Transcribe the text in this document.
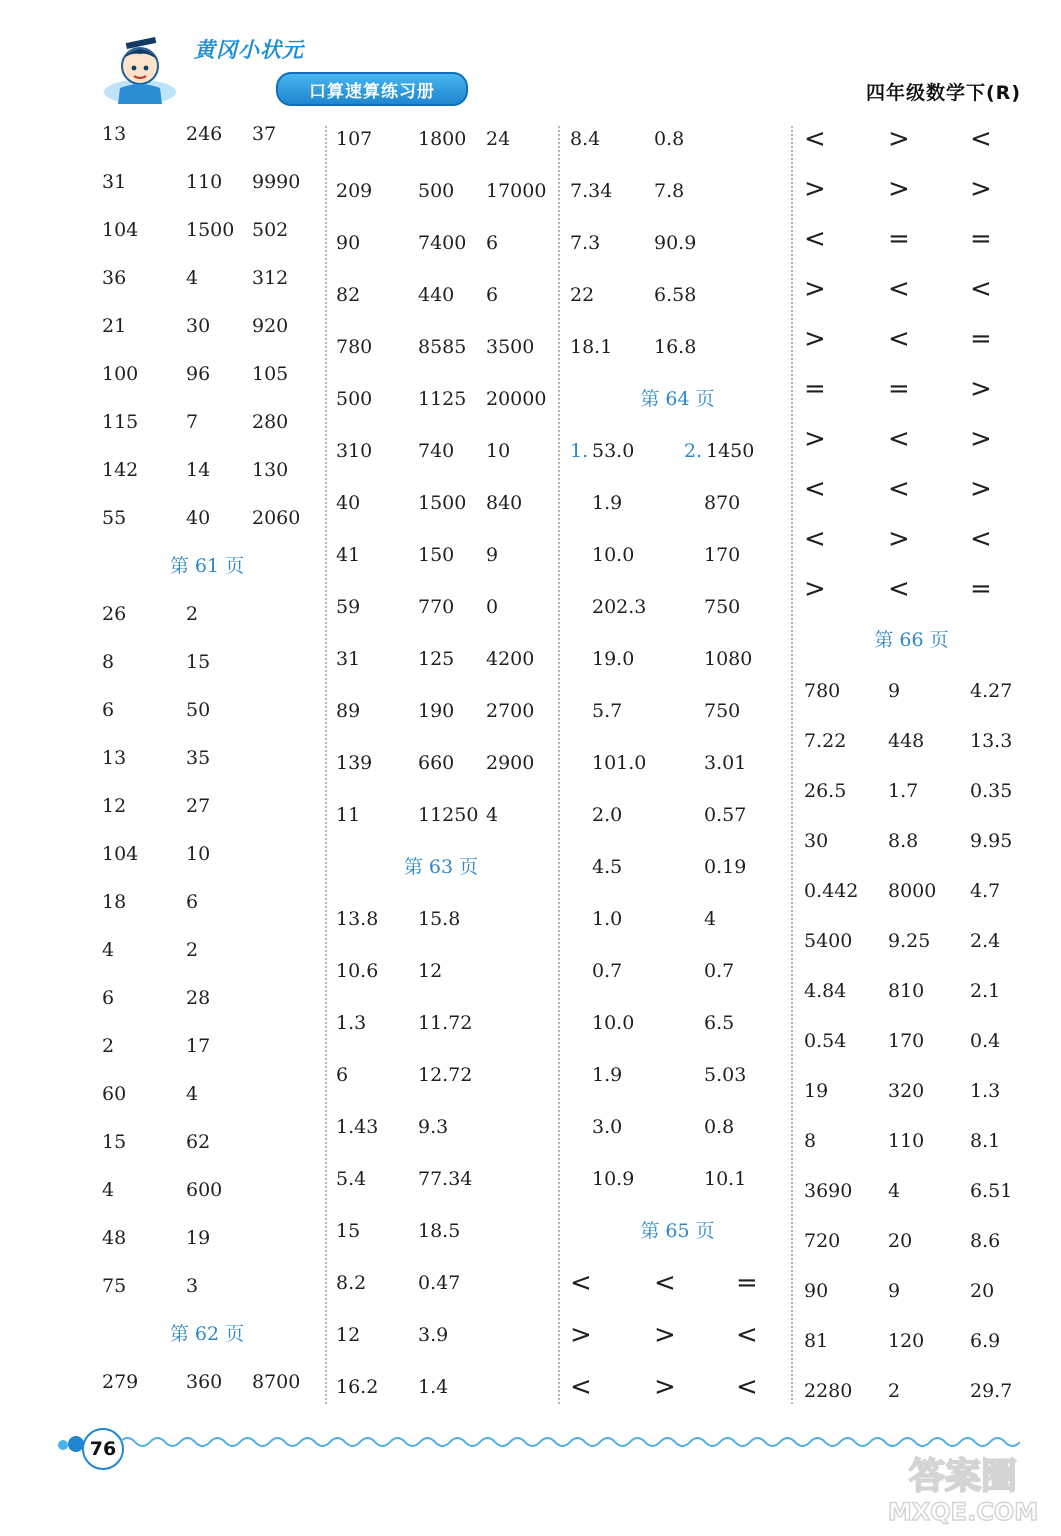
黄冈小状元
口算速算练习册	四年级数学下(R)
13	246 37
31	110 9990
104	1500 502
36	4	312
21	30 920
100	96 105
115	7	280
142	14 130
55	40 2060
第 61 页
26	2
8	15
6	50
13	35
12	27
104	10
18	6
4	2
6	28
2	17
60	4
15	62
4	600
48	19
75	3
第 62 页
279	360 8700
107 1800 24
209 500 17000
90	7400 6
82	440 6
780 8585 3500
500 1125 20000
310 740 10
40	1500 840
41	150 9
59	770 0
31	125 4200
89	190 2700
139 660 2900
11	11250 4
第 63 页
13.8 15.8
10.6 12
1.3	11.72
6	12.72
1.43 9.3
5.4	77.34
15	18.5
8.2	0.47
12	3.9
16.2 1.4
8.4	0.8
7.34 7.8
7.3	90.9
22	6.58
18.1 16.8
第 64 页
1. 53.0	2. 1450
1.9	870
10.0	170
202.3	750
19.0	1080
5.7	750
101.0	3.01
2.0	0.57
4.5	0.19
1.0	4
0.7	0.7
10.0	6.5
1.9	5.03
3.0	0.8
10.9	10.1
第 65 页
< < =
> > <
< > <
< > <
> > >
< = =
> < <
> < =
= = >
> < >
< < >
< > <
> < =
第 66 页
780	9	4.27
7.22 448 13.3
26.5 1.7	0.35
30	8.8	9.95
0.442 8000 4.7
5400 9.25 2.4
4.84 810 2.1
0.54 170 0.4
19	320 1.3
8	110 8.1
3690 4	6.51
720	20	8.6
90	9	20
81	120 6.9
2280 2	29.7
76
答案圈
MXQE.COM
